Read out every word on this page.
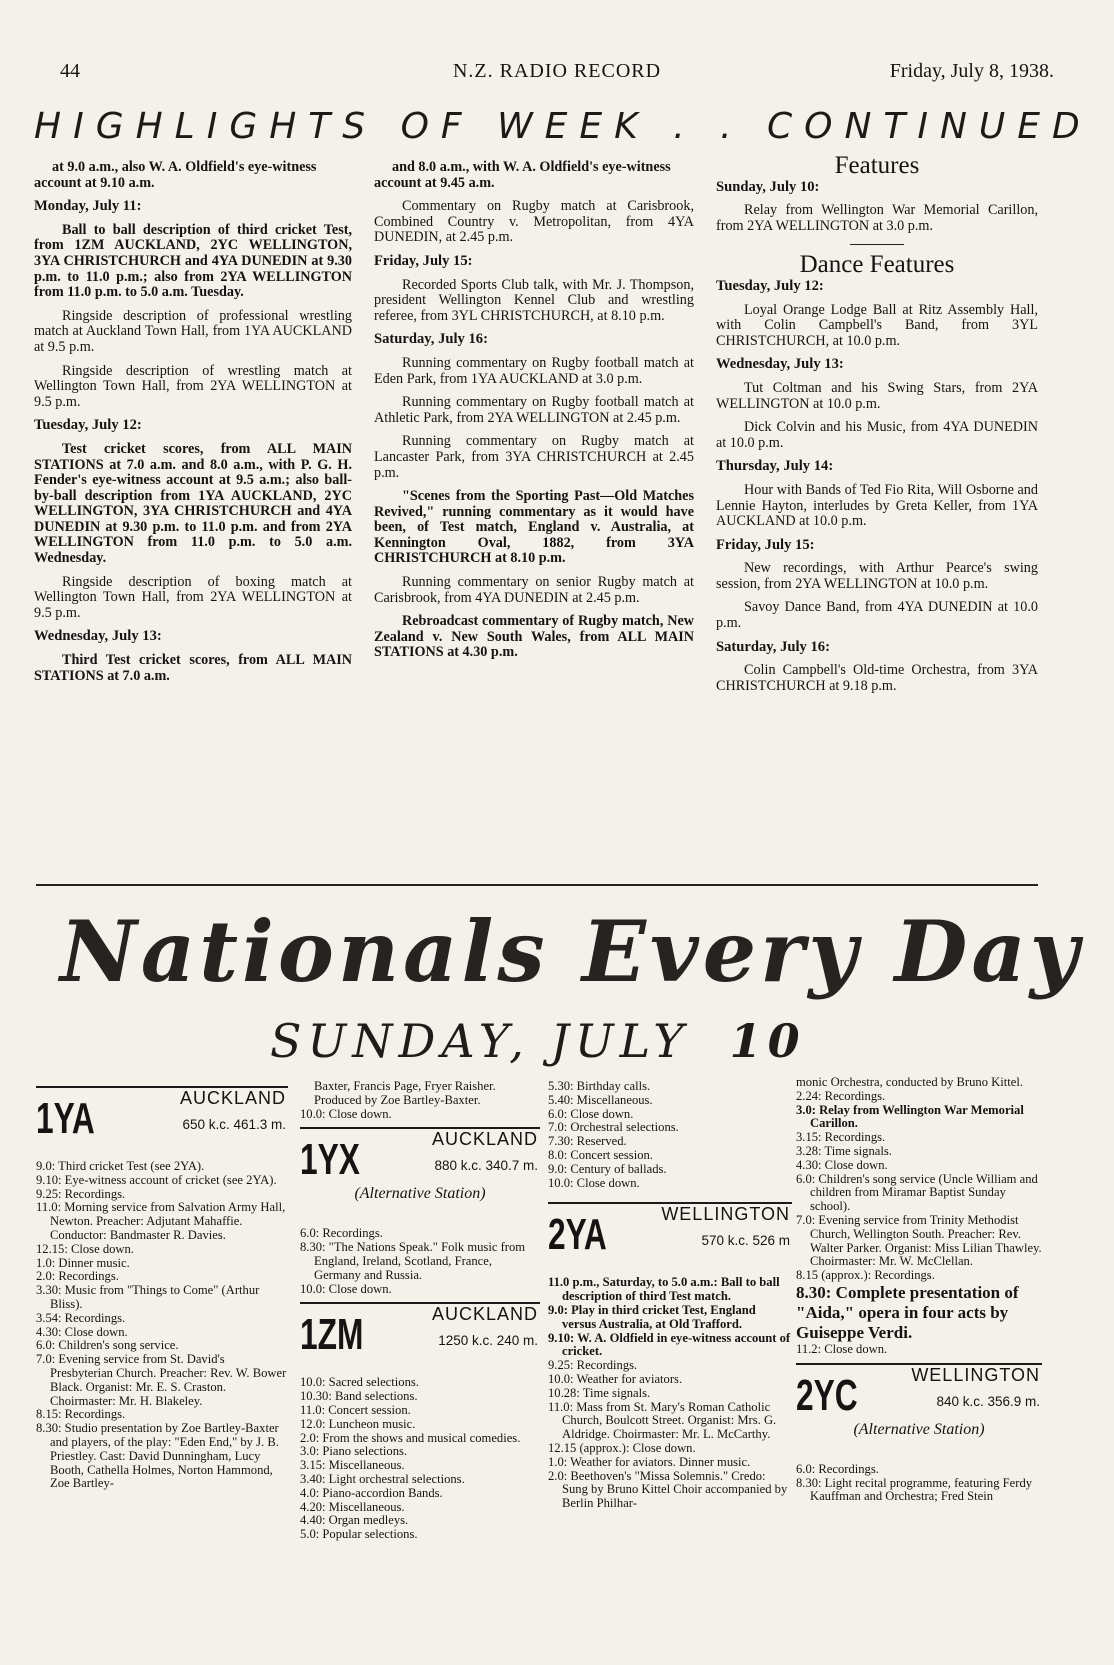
44	N.Z. RADIO RECORD	Friday, July 8, 1938.
HIGHLIGHTS OF WEEK . . CONTINUED

at 9.0 a.m., also W. A. Oldfield's eye-witness account at 9.10 a.m.

Monday, July 11:

Ball to ball description of third cricket Test, from 1ZM AUCKLAND, 2YC WELLINGTON, 3YA CHRISTCHURCH and 4YA DUNEDIN at 9.30 p.m. to 11.0 p.m.; also from 2YA WELLINGTON from 11.0 p.m. to 5.0 a.m. Tuesday.

Ringside description of professional wrestling match at Auckland Town Hall, from 1YA AUCKLAND at 9.5 p.m.

Ringside description of wrestling match at Wellington Town Hall, from 2YA WELLINGTON at 9.5 p.m.

Tuesday, July 12:

Test cricket scores, from ALL MAIN STATIONS at 7.0 a.m. and 8.0 a.m., with P. G. H. Fender's eye-witness account at 9.5 a.m.; also ball-by-ball description from 1YA AUCKLAND, 2YC WELLINGTON, 3YA CHRISTCHURCH and 4YA DUNEDIN at 9.30 p.m. to 11.0 p.m. and from 2YA WELLINGTON from 11.0 p.m. to 5.0 a.m. Wednesday.

Ringside description of boxing match at Wellington Town Hall, from 2YA WELLINGTON at 9.5 p.m.

Wednesday, July 13:

Third Test cricket scores, from ALL MAIN STATIONS at 7.0 a.m.

and 8.0 a.m., with W. A. Oldfield's eye-witness account at 9.45 a.m.

Commentary on Rugby match at Carisbrook, Combined Country v. Metropolitan, from 4YA DUNEDIN, at 2.45 p.m.

Friday, July 15:

Recorded Sports Club talk, with Mr. J. Thompson, president Wellington Kennel Club and wrestling referee, from 3YL CHRISTCHURCH, at 8.10 p.m.

Saturday, July 16:

Running commentary on Rugby football match at Eden Park, from 1YA AUCKLAND at 3.0 p.m.

Running commentary on Rugby football match at Athletic Park, from 2YA WELLINGTON at 2.45 p.m.

Running commentary on Rugby match at Lancaster Park, from 3YA CHRISTCHURCH at 2.45 p.m.

"Scenes from the Sporting Past—Old Matches Revived," running commentary as it would have been, of Test match, England v. Australia, at Kennington Oval, 1882, from 3YA CHRISTCHURCH at 8.10 p.m.

Running commentary on senior Rugby match at Carisbrook, from 4YA DUNEDIN at 2.45 p.m.

Rebroadcast commentary of Rugby match, New Zealand v. New South Wales, from ALL MAIN STATIONS at 4.30 p.m.

Features
Sunday, July 10:

Relay from Wellington War Memorial Carillon, from 2YA WELLINGTON at 3.0 p.m.

Dance Features
Tuesday, July 12:

Loyal Orange Lodge Ball at Ritz Assembly Hall, with Colin Campbell's Band, from 3YL CHRISTCHURCH, at 10.0 p.m.

Wednesday, July 13:

Tut Coltman and his Swing Stars, from 2YA WELLINGTON at 10.0 p.m.

Dick Colvin and his Music, from 4YA DUNEDIN at 10.0 p.m.

Thursday, July 14:

Hour with Bands of Ted Fio Rita, Will Osborne and Lennie Hayton, interludes by Greta Keller, from 1YA AUCKLAND at 10.0 p.m.

Friday, July 15:

New recordings, with Arthur Pearce's swing session, from 2YA WELLINGTON at 10.0 p.m.

Savoy Dance Band, from 4YA DUNEDIN at 10.0 p.m.

Saturday, July 16:

Colin Campbell's Old-time Orchestra, from 3YA CHRISTCHURCH at 9.18 p.m.

Nationals Every Day
SUNDAY, JULY 10
1YA	AUCKLAND
650 k.c. 461.3 m.
9.0: Third cricket Test (see 2YA).
9.10: Eye-witness account of cricket (see 2YA).
9.25: Recordings.
11.0: Morning service from Salvation Army Hall, Newton. Preacher: Adjutant Mahaffie. Conductor: Bandmaster R. Davies.
12.15: Close down.
1.0: Dinner music.
2.0: Recordings.
3.30: Music from "Things to Come" (Arthur Bliss).
3.54: Recordings.
4.30: Close down.
6.0: Children's song service.
7.0: Evening service from St. David's Presbyterian Church. Preacher: Rev. W. Bower Black. Organist: Mr. E. S. Craston. Choirmaster: Mr. H. Blakeley.
8.15: Recordings.
8.30: Studio presentation by Zoe Bartley-Baxter and players, of the play: "Eden End," by J. B. Priestley. Cast: David Dunningham, Lucy Booth, Cathella Holmes, Norton Hammond, Zoe Bartley-
Baxter, Francis Page, Fryer Raisher. Produced by Zoe Bartley-Baxter.
10.0: Close down.
1YX	AUCKLAND
880 k.c. 340.7 m.
(Alternative Station)
6.0: Recordings.
8.30: "The Nations Speak." Folk music from England, Ireland, Scotland, France, Germany and Russia.
10.0: Close down.
1ZM	AUCKLAND
1250 k.c. 240 m.
10.0: Sacred selections.
10.30: Band selections.
11.0: Concert session.
12.0: Luncheon music.
2.0: From the shows and musical comedies.
3.0: Piano selections.
3.15: Miscellaneous.
3.40: Light orchestral selections.
4.0: Piano-accordion Bands.
4.20: Miscellaneous.
4.40: Organ medleys.
5.0: Popular selections.
5.30: Birthday calls.
5.40: Miscellaneous.
6.0: Close down.
7.0: Orchestral selections.
7.30: Reserved.
8.0: Concert session.
9.0: Century of ballads.
10.0: Close down.
2YA	WELLINGTON
570 k.c. 526 m
11.0 p.m., Saturday, to 5.0 a.m.: Ball to ball description of third Test match.
9.0: Play in third cricket Test, England versus Australia, at Old Trafford.
9.10: W. A. Oldfield in eye-witness account of cricket.
9.25: Recordings.
10.0: Weather for aviators.
10.28: Time signals.
11.0: Mass from St. Mary's Roman Catholic Church, Boulcott Street. Organist: Mrs. G. Aldridge. Choirmaster: Mr. L. McCarthy.
12.15 (approx.): Close down.
1.0: Weather for aviators. Dinner music.
2.0: Beethoven's "Missa Solemnis." Credo: Sung by Bruno Kittel Choir accompanied by Berlin Philhar-
monic Orchestra, conducted by Bruno Kittel.
2.24: Recordings.
3.0: Relay from Wellington War Memorial Carillon.
3.15: Recordings.
3.28: Time signals.
4.30: Close down.
6.0: Children's song service (Uncle William and children from Miramar Baptist Sunday school).
7.0: Evening service from Trinity Methodist Church, Wellington South. Preacher: Rev. Walter Parker. Organist: Miss Lilian Thawley. Choirmaster: Mr. W. McClellan.
8.15 (approx.): Recordings.
8.30: Complete presentation of "Aida," opera in four acts by Guiseppe Verdi.
11.2: Close down.
2YC	WELLINGTON
840 k.c. 356.9 m.
(Alternative Station)
6.0: Recordings.
8.30: Light recital programme, featuring Ferdy Kauffman and Orchestra; Fred Stein
